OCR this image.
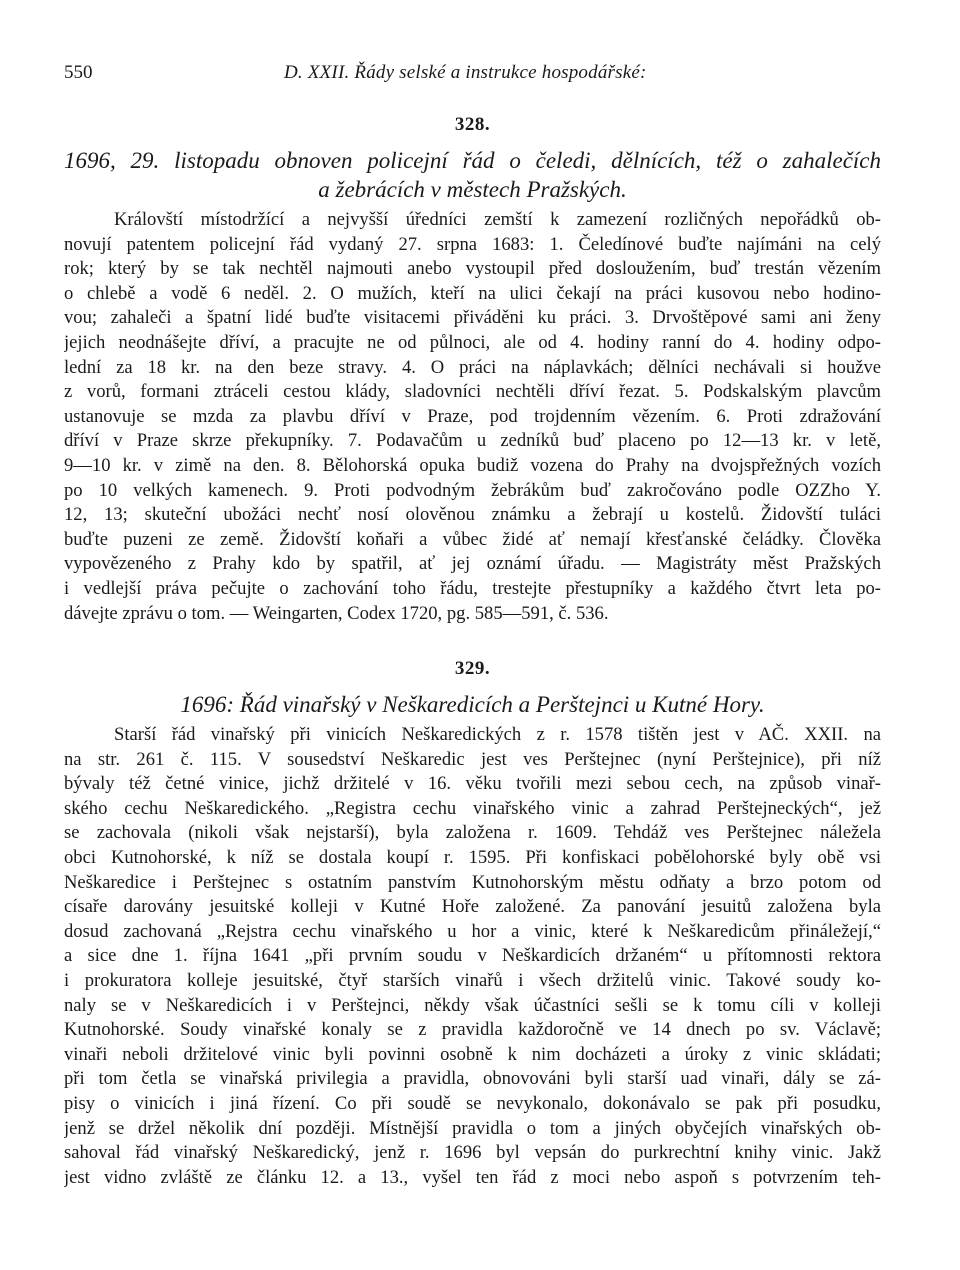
550	D. XXII. Řády selské a instrukce hospodářské:
328.
1696, 29. listopadu obnoven policejní řád o čeledi, dělnících, též o zahalečích
a žebrácích v městech Pražských.
Královští místodržící a nejvyšší úředníci zemští k zamezení rozličných nepořádků ob-
novují patentem policejní řád vydaný 27. srpna 1683: 1. Čeledínové buďte najímáni na celý
rok; který by se tak nechtěl najmouti anebo vystoupil před dosloužením, buď trestán vězením
o chlebě a vodě 6 neděl. 2. O mužích, kteří na ulici čekají na práci kusovou nebo hodino-
vou; zahaleči a špatní lidé buďte visitacemi přiváděni ku práci. 3. Drvoštěpové sami ani ženy
jejich neodnášejte dříví, a pracujte ne od půlnoci, ale od 4. hodiny ranní do 4. hodiny odpo-
lední za 18 kr. na den beze stravy. 4. O práci na náplavkách; dělníci nechávali si houžve
z vorů, formani ztráceli cestou klády, sladovníci nechtěli dříví řezat. 5. Podskalským plavcům
ustanovuje se mzda za plavbu dříví v Praze, pod trojdenním vězením. 6. Proti zdražování
dříví v Praze skrze překupníky. 7. Podavačům u zedníků buď placeno po 12—13 kr. v letě,
9—10 kr. v zimě na den. 8. Bělohorská opuka budiž vozena do Prahy na dvojspřežných vozích
po 10 velkých kamenech. 9. Proti podvodným žebrákům buď zakročováno podle OZZho Y.
12, 13; skuteční ubožáci nechť nosí olověnou známku a žebrají u kostelů. Židovští tuláci
buďte puzeni ze země. Židovští koňaři a vůbec židé ať nemají křesťanské čeládky. Člověka
vypovězeného z Prahy kdo by spatřil, ať jej oznámí úřadu. — Magistráty měst Pražských
i vedlejší práva pečujte o zachování toho řádu, trestejte přestupníky a každého čtvrt leta po-
dávejte zprávu o tom. — Weingarten, Codex 1720, pg. 585—591, č. 536.
329.
1696: Řád vinařský v Neškaredicích a Perštejnci u Kutné Hory.
Starší řád vinařský při vinicích Neškaredických z r. 1578 tištěn jest v AČ. XXII. na
na str. 261 č. 115. V sousedství Neškaredic jest ves Perštejnec (nyní Perštejnice), při níž
bývaly též četné vinice, jichž držitelé v 16. věku tvořili mezi sebou cech, na způsob vinař-
ského cechu Neškaredického. „Registra cechu vinařského vinic a zahrad Perštejneckých“, jež
se zachovala (nikoli však nejstarší), byla založena r. 1609. Tehdáž ves Perštejnec náležela
obci Kutnohorské, k níž se dostala koupí r. 1595. Při konfiskaci pobělohorské byly obě vsi
Neškaredice i Perštejnec s ostatním panstvím Kutnohorským městu odňaty a brzo potom od
císaře darovány jesuitské kolleji v Kutné Hoře založené. Za panování jesuitů založena byla
dosud zachovaná „Rejstra cechu vinařského u hor a vinic, které k Neškaredicům přináležejí,“
a sice dne 1. října 1641 „při prvním soudu v Neškardicích držaném“ u přítomnosti rektora
i prokuratora kolleje jesuitské, čtyř starších vinařů i všech držitelů vinic. Takové soudy ko-
naly se v Neškaredicích i v Perštejnci, někdy však účastníci sešli se k tomu cíli v kolleji
Kutnohorské. Soudy vinařské konaly se z pravidla každoročně ve 14 dnech po sv. Václavě;
vinaři neboli držitelové vinic byli povinni osobně k nim docházeti a úroky z vinic skládati;
při tom četla se vinařská privilegia a pravidla, obnovováni byli starší uad vinaři, dály se zá-
pisy o vinicích i jiná řízení. Co při soudě se nevykonalo, dokonávalo se pak při posudku,
jenž se držel několik dní později. Místnější pravidla o tom a jiných obyčejích vinařských ob-
sahoval řád vinařský Neškaredický, jenž r. 1696 byl vepsán do purkrechtní knihy vinic. Jakž
jest vidno zvláště ze článku 12. a 13., vyšel ten řád z moci nebo aspoň s potvrzením teh-
